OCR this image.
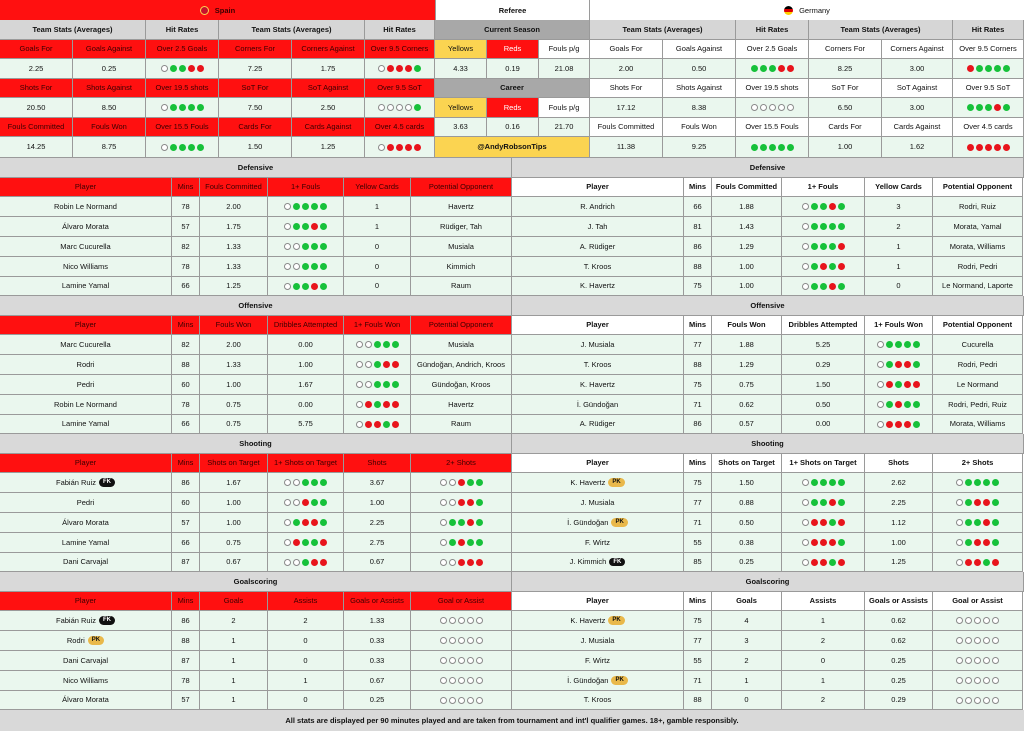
Spain	Referee	Germany
Team Stats (Averages)	Hit Rates	Team Stats (Averages)	Hit Rates
Goals For	Goals Against	Over 2.5 Goals	Corners For	Corners Against	Over 9.5 Corners
2.25	0.25	7.25	1.75
Shots For	Shots Against	Over 19.5 shots	SoT For	SoT Against	Over 9.5 SoT
20.50	8.50	7.50	2.50
Fouls Committed	Fouls Won	Over 15.5 Fouls	Cards For	Cards Against	Over 4.5 cards
14.25	8.75	1.50	1.25
Current Season
Yellows	Reds	Fouls p/g
4.33	0.19	21.08
Career
Yellows	Reds	Fouls p/g
3.63	0.16	21.70
@AndyRobsonTips
Team Stats (Averages)	Hit Rates	Team Stats (Averages)	Hit Rates
Goals For	Goals Against	Over 2.5 Goals	Corners For	Corners Against	Over 9.5 Corners
2.00	0.50	8.25	3.00
Shots For	Shots Against	Over 19.5 shots	SoT For	SoT Against	Over 9.5 SoT
17.12	8.38	6.50	3.00
Fouls Committed	Fouls Won	Over 15.5 Fouls	Cards For	Cards Against	Over 4.5 cards
11.38	9.25	1.00	1.62
Defensive	Defensive
Player	Mins	Fouls Committed	1+ Fouls	Yellow Cards	Potential Opponent
Robin Le Normand	78	2.00	1	Havertz
Álvaro Morata	57	1.75	1	Rüdiger, Tah
Marc Cucurella	82	1.33	0	Musiala
Nico Williams	78	1.33	0	Kimmich
Lamine Yamal	66	1.25	0	Raum
Player	Mins	Fouls Committed	1+ Fouls	Yellow Cards	Potential Opponent
R. Andrich	66	1.88	3	Rodri, Ruiz
J. Tah	81	1.43	2	Morata, Yamal
A. Rüdiger	86	1.29	1	Morata, Williams
T. Kroos	88	1.00	1	Rodri, Pedri
K. Havertz	75	1.00	0	Le Normand, Laporte
Offensive	Offensive
Player	Mins	Fouls Won	Dribbles Attempted	1+ Fouls Won	Potential Opponent
Marc Cucurella	82	2.00	0.00	Musiala
Rodri	88	1.33	1.00	Gündoğan, Andrich, Kroos
Pedri	60	1.00	1.67	Gündoğan, Kroos
Robin Le Normand	78	0.75	0.00	Havertz
Lamine Yamal	66	0.75	5.75	Raum
Player	Mins	Fouls Won	Dribbles Attempted	1+ Fouls Won	Potential Opponent
J. Musiala	77	1.88	5.25	Cucurella
T. Kroos	88	1.29	0.29	Rodri, Pedri
K. Havertz	75	0.75	1.50	Le Normand
İ. Gündoğan	71	0.62	0.50	Rodri, Pedri, Ruiz
A. Rüdiger	86	0.57	0.00	Morata, Williams
Shooting	Shooting
Player	Mins	Shots on Target	1+ Shots on Target	Shots	2+ Shots
Fabián Ruiz	FK	86	1.67	3.67
Pedri	60	1.00	1.00
Álvaro Morata	57	1.00	2.25
Lamine Yamal	66	0.75	2.75
Dani Carvajal	87	0.67	0.67
Player	Mins	Shots on Target	1+ Shots on Target	Shots	2+ Shots
K. Havertz	PK	75	1.50	2.62
J. Musiala	77	0.88	2.25
İ. Gündoğan	PK	71	0.50	1.12
F. Wirtz	55	0.38	1.00
J. Kimmich	FK	85	0.25	1.25
Goalscoring	Goalscoring
Player	Mins	Goals	Assists	Goals or Assists	Goal or Assist
Fabián Ruiz	FK	86	2	2	1.33
Rodri	PK	88	1	0	0.33
Dani Carvajal	87	1	0	0.33
Nico Williams	78	1	1	0.67
Álvaro Morata	57	1	0	0.25
Player	Mins	Goals	Assists	Goals or Assists	Goal or Assist
K. Havertz	PK	75	4	1	0.62
J. Musiala	77	3	2	0.62
F. Wirtz	55	2	0	0.25
İ. Gündoğan	PK	71	1	1	0.25
T. Kroos	88	0	2	0.29
All stats are displayed per 90 minutes played and are taken from tournament and int'l qualifier games. 18+, gamble responsibly.
